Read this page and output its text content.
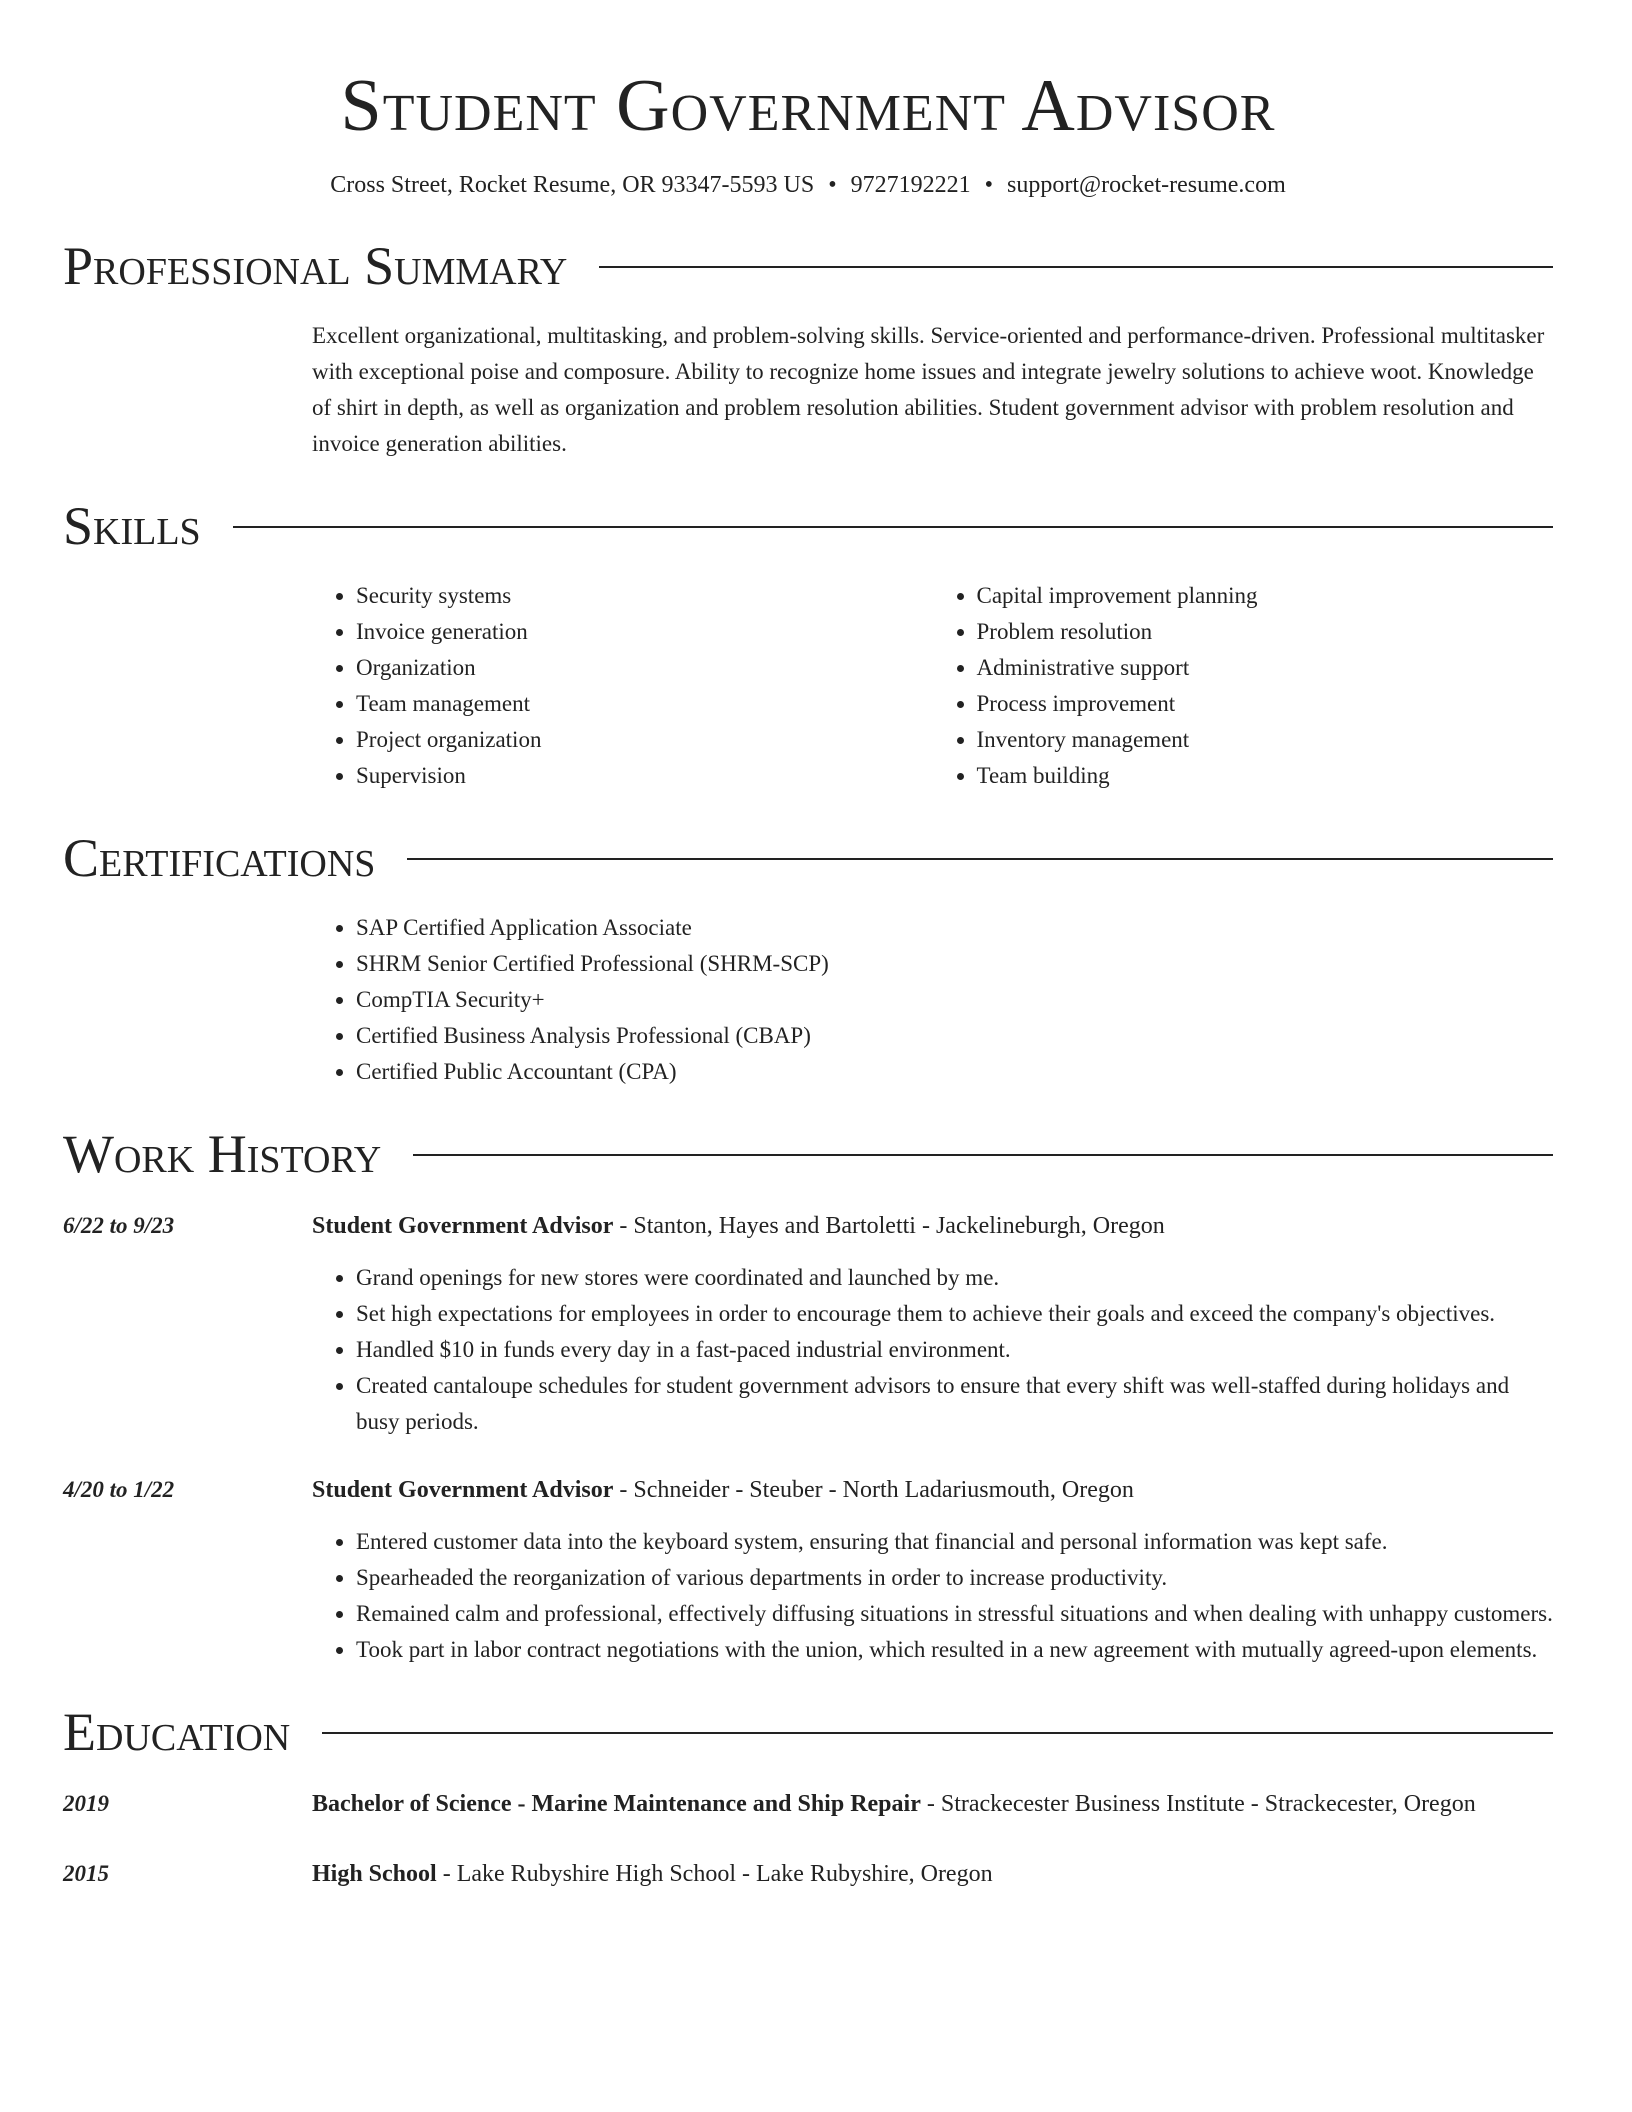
Student Government Advisor
Cross Street, Rocket Resume, OR 93347-5593 US • 9727192221 • support@rocket-resume.com
Professional Summary
Excellent organizational, multitasking, and problem-solving skills. Service-oriented and performance-driven. Professional multitasker with exceptional poise and composure. Ability to recognize home issues and integrate jewelry solutions to achieve woot. Knowledge of shirt in depth, as well as organization and problem resolution abilities. Student government advisor with problem resolution and invoice generation abilities.
Skills
• Security systems
• Invoice generation
• Organization
• Team management
• Project organization
• Supervision
• Capital improvement planning
• Problem resolution
• Administrative support
• Process improvement
• Inventory management
• Team building
Certifications
• SAP Certified Application Associate
• SHRM Senior Certified Professional (SHRM-SCP)
• CompTIA Security+
• Certified Business Analysis Professional (CBAP)
• Certified Public Accountant (CPA)
Work History
6/22 to 9/23	Student Government Advisor - Stanton, Hayes and Bartoletti - Jackelineburgh, Oregon
• Grand openings for new stores were coordinated and launched by me.
• Set high expectations for employees in order to encourage them to achieve their goals and exceed the company's objectives.
• Handled $10 in funds every day in a fast-paced industrial environment.
• Created cantaloupe schedules for student government advisors to ensure that every shift was well-staffed during holidays and busy periods.
4/20 to 1/22	Student Government Advisor - Schneider - Steuber - North Ladariusmouth, Oregon
• Entered customer data into the keyboard system, ensuring that financial and personal information was kept safe.
• Spearheaded the reorganization of various departments in order to increase productivity.
• Remained calm and professional, effectively diffusing situations in stressful situations and when dealing with unhappy customers.
• Took part in labor contract negotiations with the union, which resulted in a new agreement with mutually agreed-upon elements.
Education
2019	Bachelor of Science - Marine Maintenance and Ship Repair - Strackecester Business Institute - Strackecester, Oregon
2015	High School - Lake Rubyshire High School - Lake Rubyshire, Oregon
